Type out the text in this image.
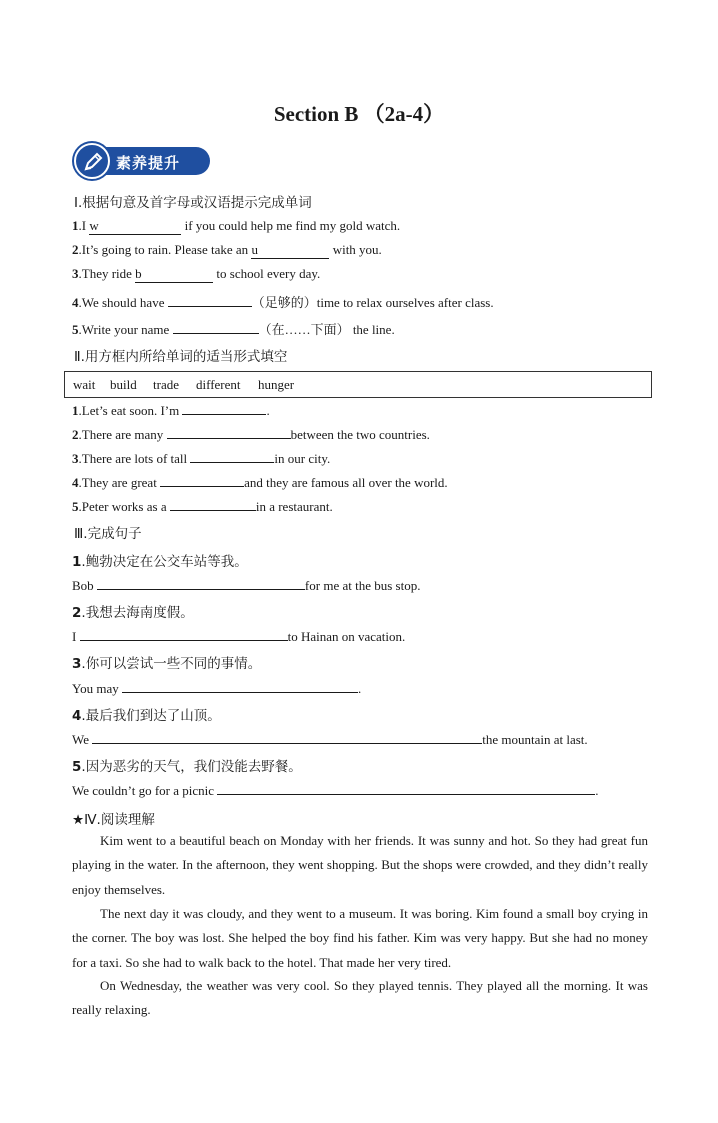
Section B （2a-4）
素养提升
Ⅰ.根据句意及首字母或汉语提示完成单词
1.I w	if you could help me find my gold watch.
2.It’s going to rain. Please take an u	with you.
3.They ride b	to school every day.
4.We should have	（足够的）time to relax ourselves after class.
5.Write your name	（在……下面） the line.
Ⅱ.用方框内所给单词的适当形式填空
wait build trade different hunger
1.Let’s eat soon. I’m	.
2.There are many	between the two countries.
3.There are lots of tall	in our city.
4.They are great	and they are famous all over the world.
5.Peter works as a	in a restaurant.
Ⅲ.完成句子
1.鲍勃决定在公交车站等我。
Bob	for me at the bus stop.
2.我想去海南度假。
I	to Hainan on vacation.
3.你可以尝试一些不同的事情。
You may	.
4.最后我们到达了山顶。
We	the mountain at last.
5.因为恶劣的天气，我们没能去野餐。
We couldn’t go for a picnic	.
★Ⅳ.阅读理解
Kim went to a beautiful beach on Monday with her friends. It was sunny and hot. So they had great fun playing in the water. In the afternoon, they went shopping. But the shops were crowded, and they didn’t really enjoy themselves.
The next day it was cloudy, and they went to a museum. It was boring. Kim found a small boy crying in the corner. The boy was lost. She helped the boy find his father. Kim was very happy. But she had no money for a taxi. So she had to walk back to the hotel. That made her very tired.
On Wednesday, the weather was very cool. So they played tennis. They played all the morning. It was really relaxing.
